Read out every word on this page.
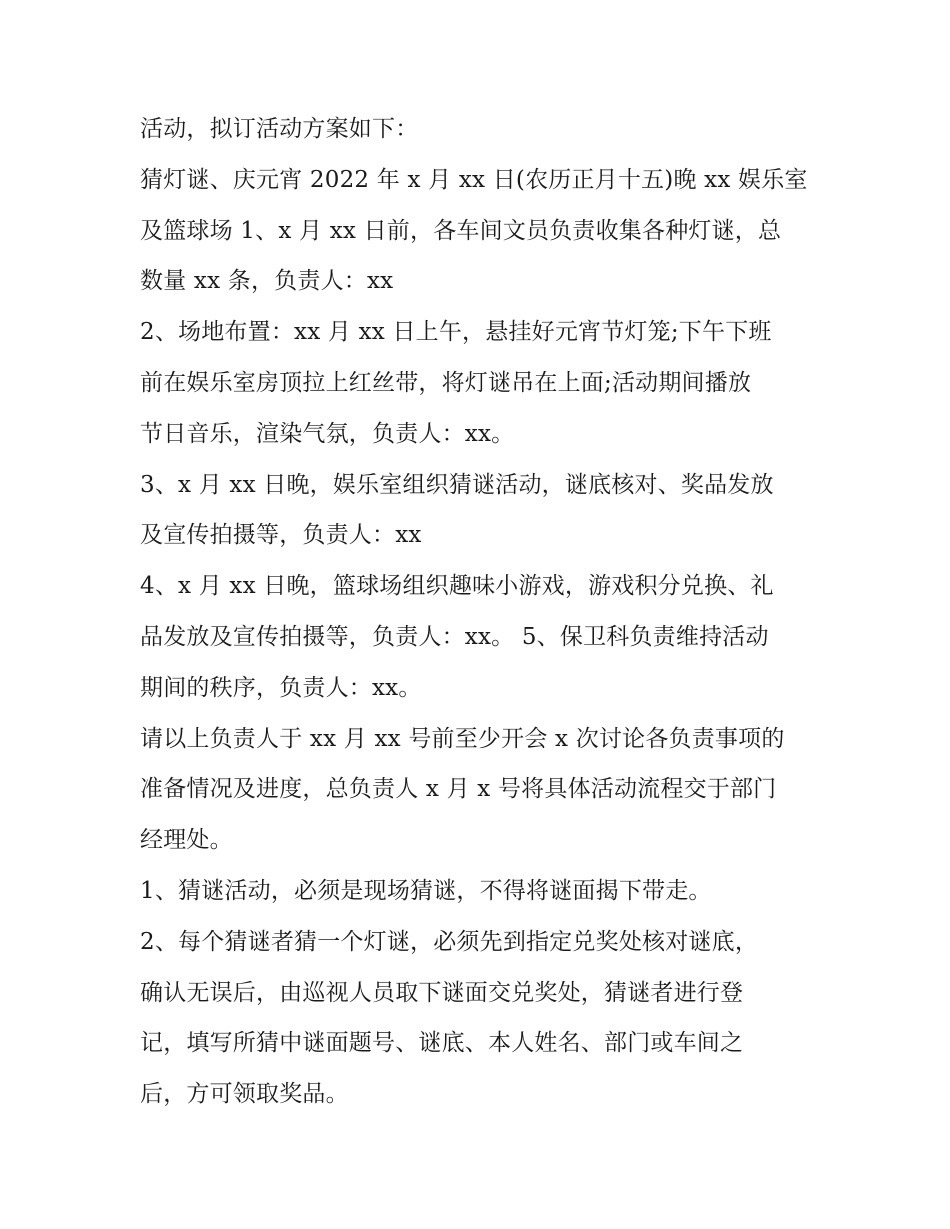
活动，拟订活动方案如下：
猜灯谜、庆元宵 2022 年 x 月 xx 日(农历正月十五)晚 xx 娱乐室
及篮球场 1、x 月 xx 日前，各车间文员负责收集各种灯谜，总
数量 xx 条，负责人：xx
2、场地布置：xx 月 xx 日上午，悬挂好元宵节灯笼;下午下班
前在娱乐室房顶拉上红丝带，将灯谜吊在上面;活动期间播放
节日音乐，渲染气氛，负责人：xx。
3、x 月 xx 日晚，娱乐室组织猜谜活动，谜底核对、奖品发放
及宣传拍摄等，负责人：xx
4、x 月 xx 日晚，篮球场组织趣味小游戏，游戏积分兑换、礼
品发放及宣传拍摄等，负责人：xx。 5、保卫科负责维持活动
期间的秩序，负责人：xx。
请以上负责人于 xx 月 xx 号前至少开会 x 次讨论各负责事项的
准备情况及进度，总负责人 x 月 x 号将具体活动流程交于部门
经理处。
1、猜谜活动，必须是现场猜谜，不得将谜面揭下带走。
2、每个猜谜者猜一个灯谜，必须先到指定兑奖处核对谜底，
确认无误后，由巡视人员取下谜面交兑奖处，猜谜者进行登
记，填写所猜中谜面题号、谜底、本人姓名、部门或车间之
后，方可领取奖品。
